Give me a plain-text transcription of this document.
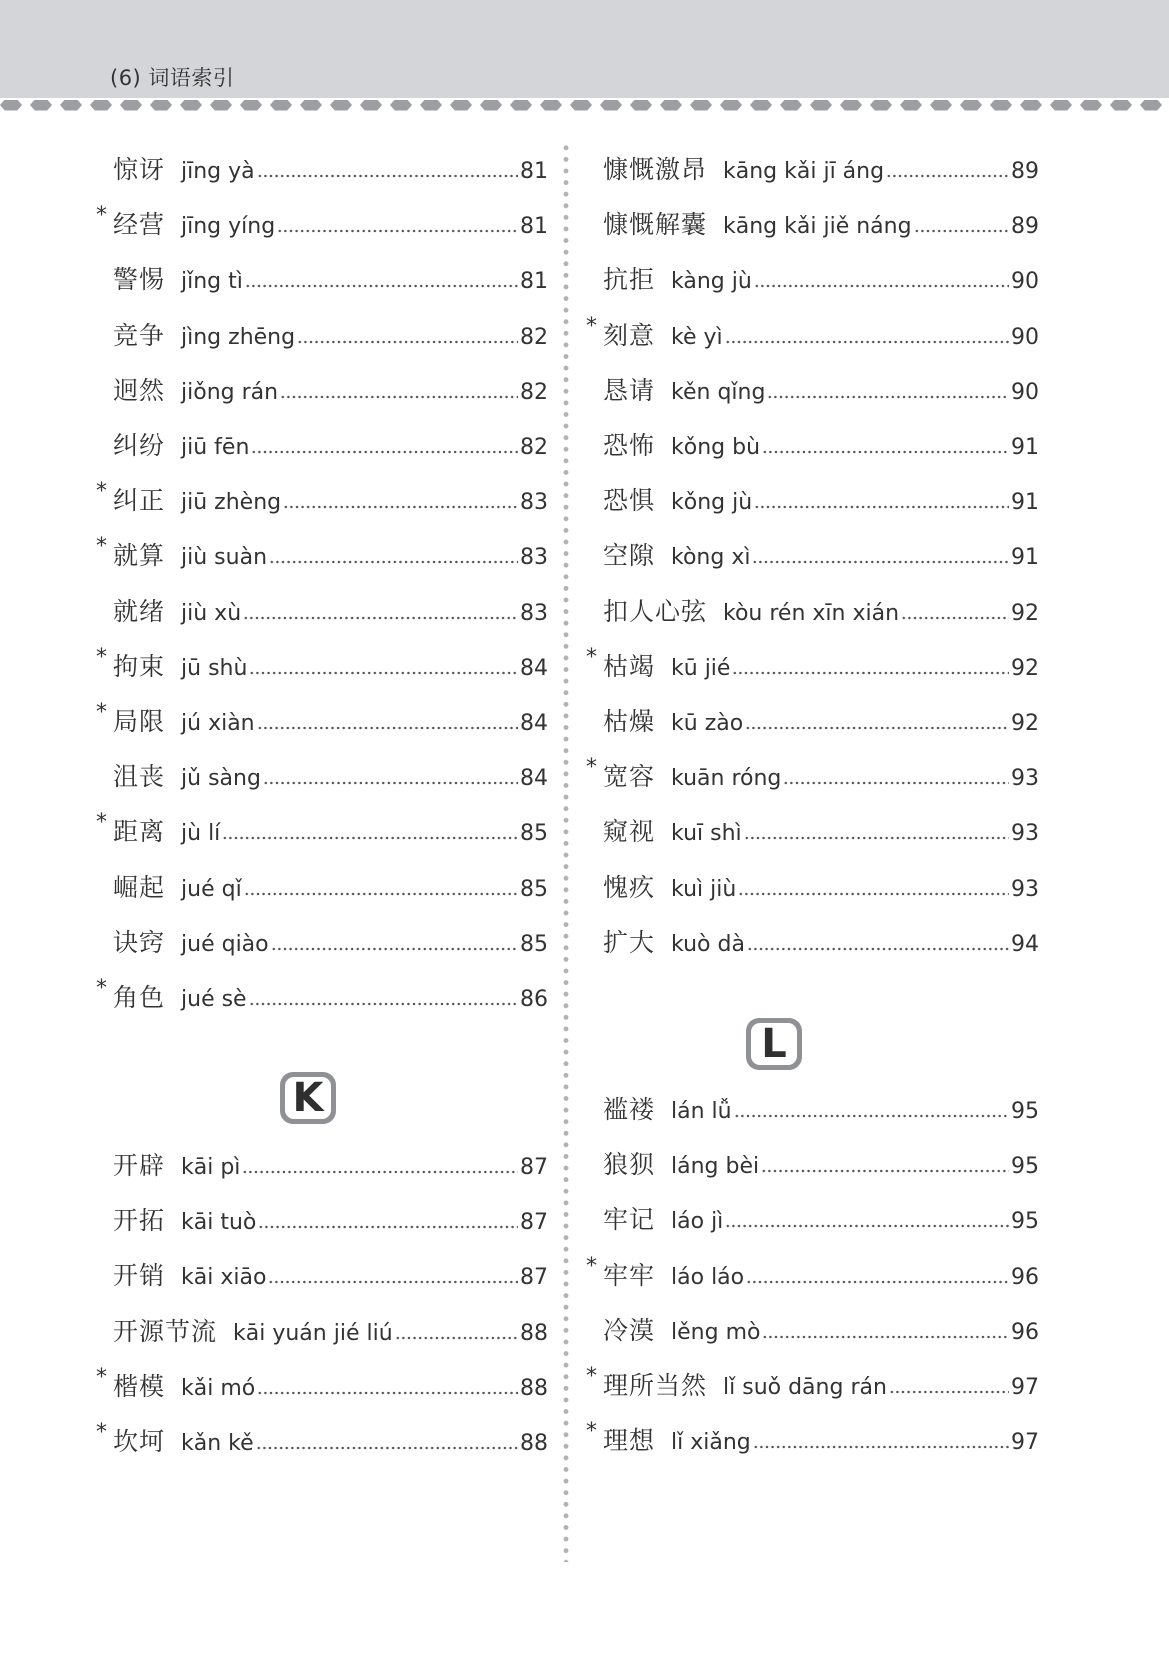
(6) 词语索引
惊讶 jīng yà	81
* 经营 jīng yíng	81
警惕 jǐng tì	81
竞争 jìng zhēng	82
迥然 jiǒng rán	82
纠纷 jiū fēn	82
* 纠正 jiū zhèng	83
* 就算 jiù suàn	83
就绪 jiù xù	83
* 拘束 jū shù	84
* 局限 jú xiàn	84
沮丧 jǔ sàng	84
* 距离 jù lí	85
崛起 jué qǐ	85
诀窍 jué qiào	85
* 角色 jué sè	86
K
开辟 kāi pì	87
开拓 kāi tuò	87
开销 kāi xiāo	87
开源节流 kāi yuán jié liú	88
* 楷模 kǎi mó	88
* 坎坷 kǎn kě	88
慷慨激昂 kāng kǎi jī áng	89
慷慨解囊 kāng kǎi jiě náng	89
抗拒 kàng jù	90
* 刻意 kè yì	90
恳请 kěn qǐng	90
恐怖 kǒng bù	91
恐惧 kǒng jù	91
空隙 kòng xì	91
扣人心弦 kòu rén xīn xián	92
* 枯竭 kū jié	92
枯燥 kū zào	92
* 宽容 kuān róng	93
窥视 kuī shì	93
愧疚 kuì jiù	93
扩大 kuò dà	94
L
褴褛 lán lǚ	95
狼狈 láng bèi	95
牢记 láo jì	95
* 牢牢 láo láo	96
冷漠 lěng mò	96
* 理所当然 lǐ suǒ dāng rán	97
* 理想 lǐ xiǎng	97
